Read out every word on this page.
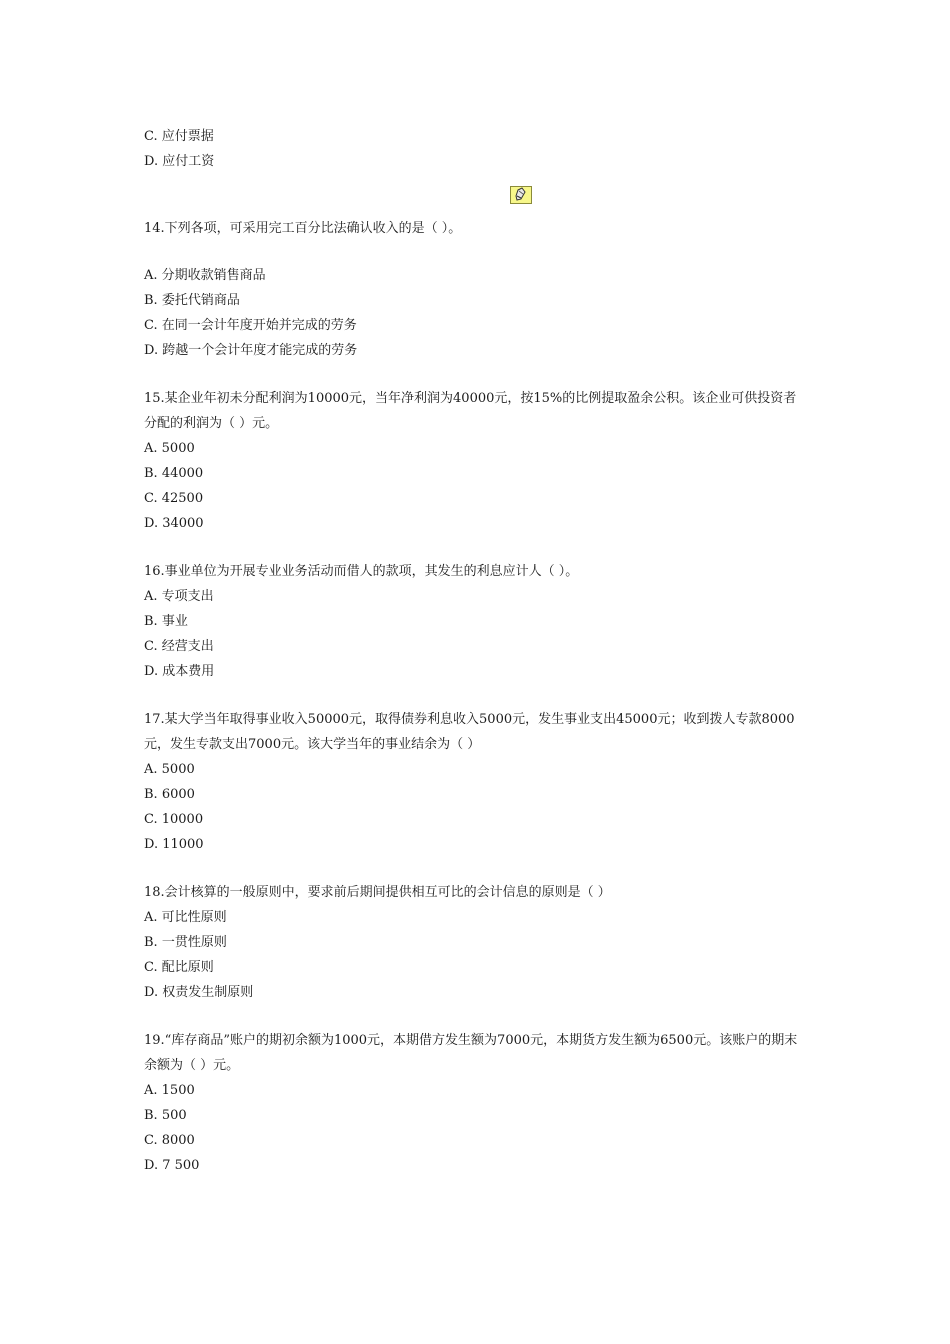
C. 应付票据
D. 应付工资
14.下列各项，可采用完工百分比法确认收入的是（ ）。
A. 分期收款销售商品
B. 委托代销商品
C. 在同一会计年度开始并完成的劳务
D. 跨越一个会计年度才能完成的劳务
15.某企业年初未分配利润为10000元，当年净利润为40000元，按15%的比例提取盈余公积。该企业可供投资者分配的利润为（ ）元。
A. 5000
B. 44000
C. 42500
D. 34000
16.事业单位为开展专业业务活动而借人的款项，其发生的利息应计人（ ）。
A. 专项支出
B. 事业
C. 经营支出
D. 成本费用
17.某大学当年取得事业收入50000元，取得债券利息收入5000元，发生事业支出45000元；收到拨人专款8000元，发生专款支出7000元。该大学当年的事业结余为（ ）
A. 5000
B. 6000
C. 10000
D. 11000
18.会计核算的一般原则中，要求前后期间提供相互可比的会计信息的原则是（ ）
A. 可比性原则
B. 一贯性原则
C. 配比原则
D. 权责发生制原则
19.“库存商品”账户的期初余额为1000元，本期借方发生额为7000元，本期货方发生额为6500元。该账户的期末余额为（ ）元。
A. 1500
B. 500
C. 8000
D. 7 500
